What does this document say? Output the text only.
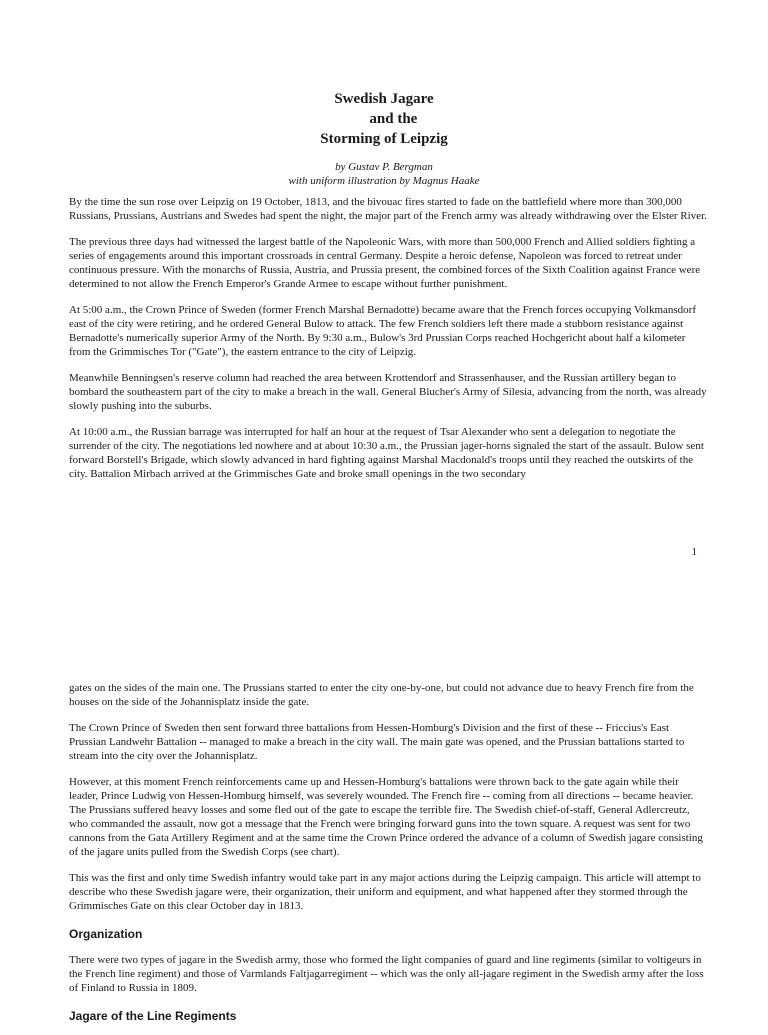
Swedish Jagare
and the
Storming of Leipzig
by Gustav P. Bergman
with uniform illustration by Magnus Haake

By the time the sun rose over Leipzig on 19 October, 1813, and the bivouac fires started to fade on the battlefield where more than 300,000 Russians, Prussians, Austrians and Swedes had spent the night, the major part of the French army was already withdrawing over the Elster River.

The previous three days had witnessed the largest battle of the Napoleonic Wars, with more than 500,000 French and Allied soldiers fighting a series of engagements around this important crossroads in central Germany. Despite a heroic defense, Napoleon was forced to retreat under continuous pressure. With the monarchs of Russia, Austria, and Prussia present, the combined forces of the Sixth Coalition against France were determined to not allow the French Emperor's Grande Armee to escape without further punishment.

At 5:00 a.m., the Crown Prince of Sweden (former French Marshal Bernadotte) became aware that the French forces occupying Volkmansdorf east of the city were retiring, and he ordered General Bulow to attack. The few French soldiers left there made a stubborn resistance against Bernadotte's numerically superior Army of the North. By 9:30 a.m., Bulow's 3rd Prussian Corps reached Hochgericht about half a kilometer from the Grimmisches Tor ("Gate"), the eastern entrance to the city of Leipzig.

Meanwhile Benningsen's reserve column had reached the area between Krottendorf and Strassenhauser, and the Russian artillery began to bombard the southeastern part of the city to make a breach in the wall. General Blucher's Army of Silesia, advancing from the north, was already slowly pushing into the suburbs.

At 10:00 a.m., the Russian barrage was interrupted for half an hour at the request of Tsar Alexander who sent a delegation to negotiate the surrender of the city. The negotiations led nowhere and at about 10:30 a.m., the Prussian jager-horns signaled the start of the assault. Bulow sent forward Borstell's Brigade, which slowly advanced in hard fighting against Marshal Macdonald's troops until they reached the outskirts of the city. Battalion Mirbach arrived at the Grimmisches Gate and broke small openings in the two secondary

1

gates on the sides of the main one. The Prussians started to enter the city one-by-one, but could not advance due to heavy French fire from the houses on the side of the Johannisplatz inside the gate.

The Crown Prince of Sweden then sent forward three battalions from Hessen-Homburg's Division and the first of these -- Friccius's East Prussian Landwehr Battalion -- managed to make a breach in the city wall. The main gate was opened, and the Prussian battalions started to stream into the city over the Johannisplatz.

However, at this moment French reinforcements came up and Hessen-Homburg's battalions were thrown back to the gate again while their leader, Prince Ludwig von Hessen-Homburg himself, was severely wounded. The French fire -- coming from all directions -- became heavier. The Prussians suffered heavy losses and some fled out of the gate to escape the terrible fire. The Swedish chief-of-staff, General Adlercreutz, who commanded the assault, now got a message that the French were bringing forward guns into the town square. A request was sent for two cannons from the Gata Artillery Regiment and at the same time the Crown Prince ordered the advance of a column of Swedish jagare consisting of the jagare units pulled from the Swedish Corps (see chart).

This was the first and only time Swedish infantry would take part in any major actions during the Leipzig campaign. This article will attempt to describe who these Swedish jagare were, their organization, their uniform and equipment, and what happened after they stormed through the Grimmisches Gate on this clear October day in 1813.

Organization

There were two types of jagare in the Swedish army, those who formed the light companies of guard and line regiments (similar to voltigeurs in the French line regiment) and those of Varmlands Faltjagarregiment -- which was the only all-jagare regiment in the Swedish army after the loss of Finland to Russia in 1809.

Jagare of the Line Regiments
